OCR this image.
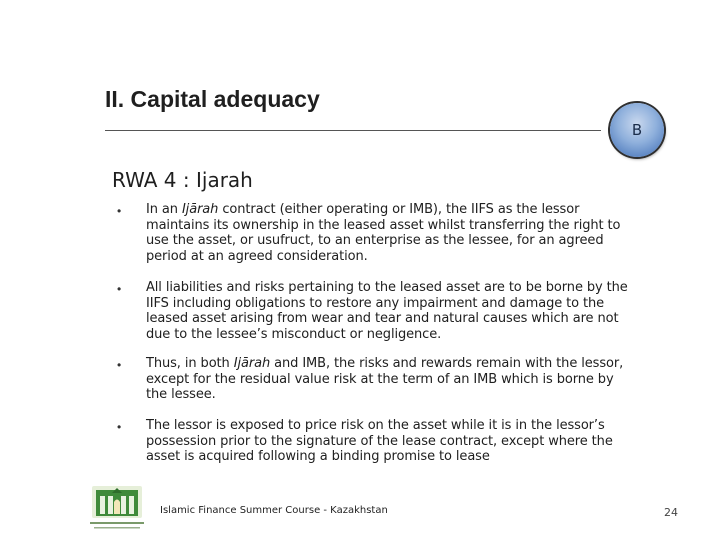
II. Capital adequacy
B
RWA 4 : Ijarah
• In an Ijārah contract (either operating or IMB), the IIFS as the lessor maintains its ownership in the leased asset whilst transferring the right to use the asset, or usufruct, to an enterprise as the lessee, for an agreed period at an agreed consideration.
• All liabilities and risks pertaining to the leased asset are to be borne by the IIFS including obligations to restore any impairment and damage to the leased asset arising from wear and tear and natural causes which are not due to the lessee’s misconduct or negligence.
• Thus, in both Ijārah and IMB, the risks and rewards remain with the lessor, except for the residual value risk at the term of an IMB which is borne by the lessee.
• The lessor is exposed to price risk on the asset while it is in the lessor’s possession prior to the signature of the lease contract, except where the asset is acquired following a binding promise to lease
Islamic Finance Summer Course - Kazakhstan	24
